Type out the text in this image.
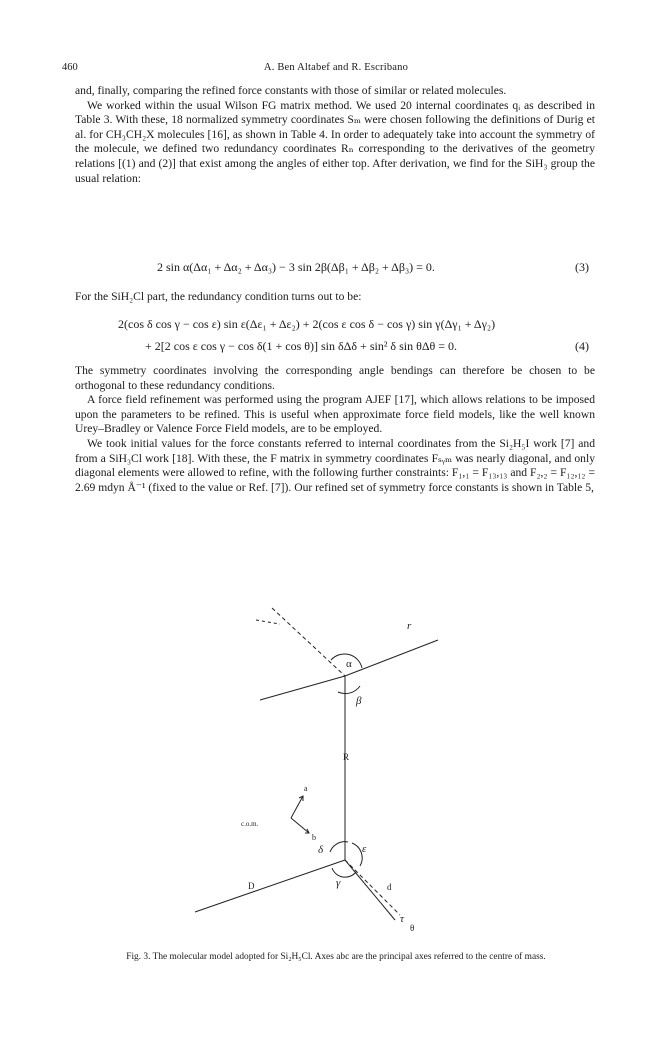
460	A. Ben Altabef and R. Escribano

and, finally, comparing the refined force constants with those of similar or related molecules.

We worked within the usual Wilson FG matrix method. We used 20 internal coordinates qᵢ as described in Table 3. With these, 18 normalized symmetry coordinates Sₘ were chosen following the definitions of Durig et al. for CH₃CH₂X molecules [16], as shown in Table 4. In order to adequately take into account the symmetry of the molecule, we defined two redundancy coordinates Rₙ corresponding to the derivatives of the geometry relations [(1) and (2)] that exist among the angles of either top. After derivation, we find for the SiH₃ group the usual relation:

2 sin α(Δα₁ + Δα₂ + Δα₃) − 3 sin 2β(Δβ₁ + Δβ₂ + Δβ₃) = 0.	(3)
For the SiH₂Cl part, the redundancy condition turns out to be:
2(cos δ cos γ − cos ε) sin ε(Δε₁ + Δε₂) + 2(cos ε cos δ − cos γ) sin γ(Δγ₁ + Δγ₂)
+ 2[2 cos ε cos γ − cos δ(1 + cos θ)] sin δΔδ + sin² δ sin θΔθ = 0.	(4)

The symmetry coordinates involving the corresponding angle bendings can therefore be chosen to be orthogonal to these redundancy conditions.

A force field refinement was performed using the program AJEF [17], which allows relations to be imposed upon the parameters to be refined. This is useful when approximate force field models, like the well known Urey–Bradley or Valence Force Field models, are to be employed.

We took initial values for the force constants referred to internal coordinates from the Si₂H₅I work [7] and from a SiH₃Cl work [18]. With these, the F matrix in symmetry coordinates Fₛᵧₘ was nearly diagonal, and only diagonal elements were allowed to refine, with the following further constraints: F₁,₁ = F₁₃,₁₃ and F₂,₂ = F₁₂,₁₂ = 2.69 mdyn Å⁻¹ (fixed to the value or Ref. [7]). Our refined set of symmetry force constants is shown in Table 5,

α
β
r
R
a
b
c.o.m.
δ	ε
D	d
γ
τ
θ
Fig. 3. The molecular model adopted for Si₂H₅Cl. Axes abc are the principal axes referred to the centre of mass.
